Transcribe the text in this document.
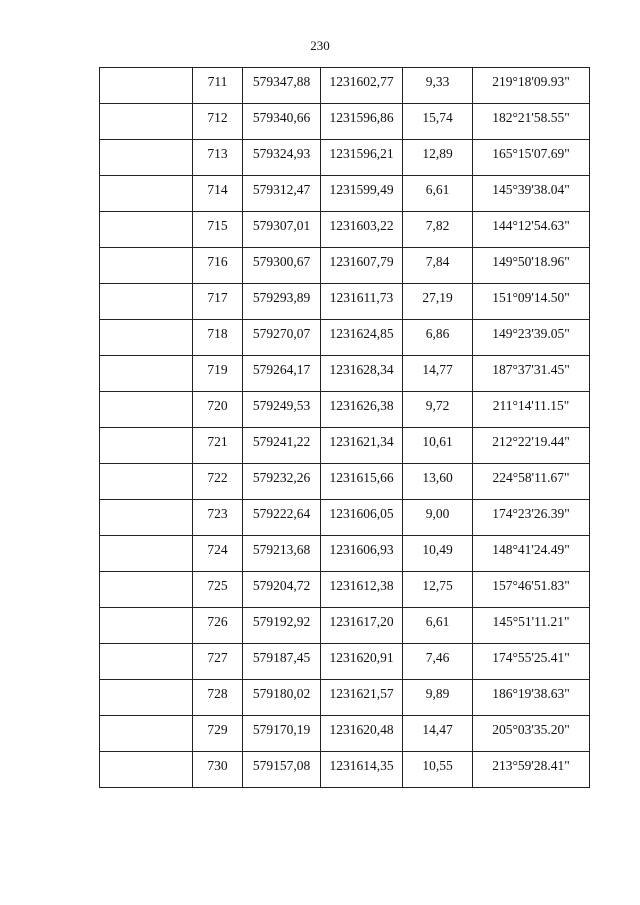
230
	711	579347,88	1231602,77	9,33	219°18'09.93"
	712	579340,66	1231596,86	15,74	182°21'58.55"
	713	579324,93	1231596,21	12,89	165°15'07.69"
	714	579312,47	1231599,49	6,61	145°39'38.04"
	715	579307,01	1231603,22	7,82	144°12'54.63"
	716	579300,67	1231607,79	7,84	149°50'18.96"
	717	579293,89	1231611,73	27,19	151°09'14.50"
	718	579270,07	1231624,85	6,86	149°23'39.05"
	719	579264,17	1231628,34	14,77	187°37'31.45"
	720	579249,53	1231626,38	9,72	211°14'11.15"
	721	579241,22	1231621,34	10,61	212°22'19.44"
	722	579232,26	1231615,66	13,60	224°58'11.67"
	723	579222,64	1231606,05	9,00	174°23'26.39"
	724	579213,68	1231606,93	10,49	148°41'24.49"
	725	579204,72	1231612,38	12,75	157°46'51.83"
	726	579192,92	1231617,20	6,61	145°51'11.21"
	727	579187,45	1231620,91	7,46	174°55'25.41"
	728	579180,02	1231621,57	9,89	186°19'38.63"
	729	579170,19	1231620,48	14,47	205°03'35.20"
	730	579157,08	1231614,35	10,55	213°59'28.41"
